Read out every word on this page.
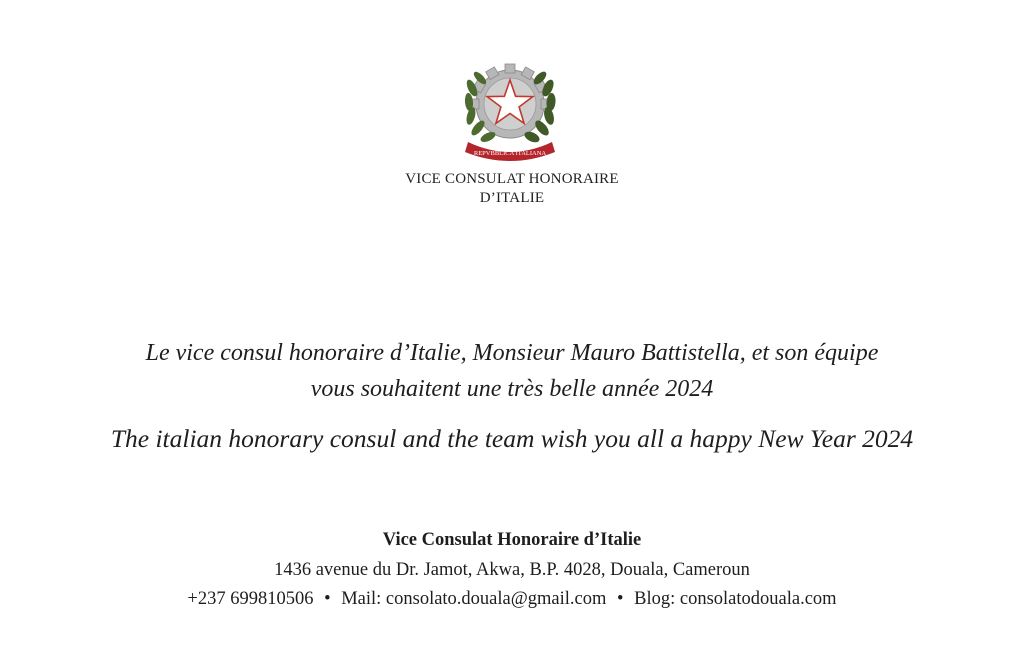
REPVBBLICA ITALIANA
VICE CONSULAT HONORAIRE
D’ITALIE
Le vice consul honoraire d’Italie, Monsieur Mauro Battistella, et son équipe
vous souhaitent une très belle année 2024
The italian honorary consul and the team wish you all a happy New Year 2024
Vice Consulat Honoraire d’Italie
1436 avenue du Dr. Jamot, Akwa, B.P. 4028, Douala, Cameroun
+237 699810506 • Mail: consolato.douala@gmail.com • Blog: consolatodouala.com
